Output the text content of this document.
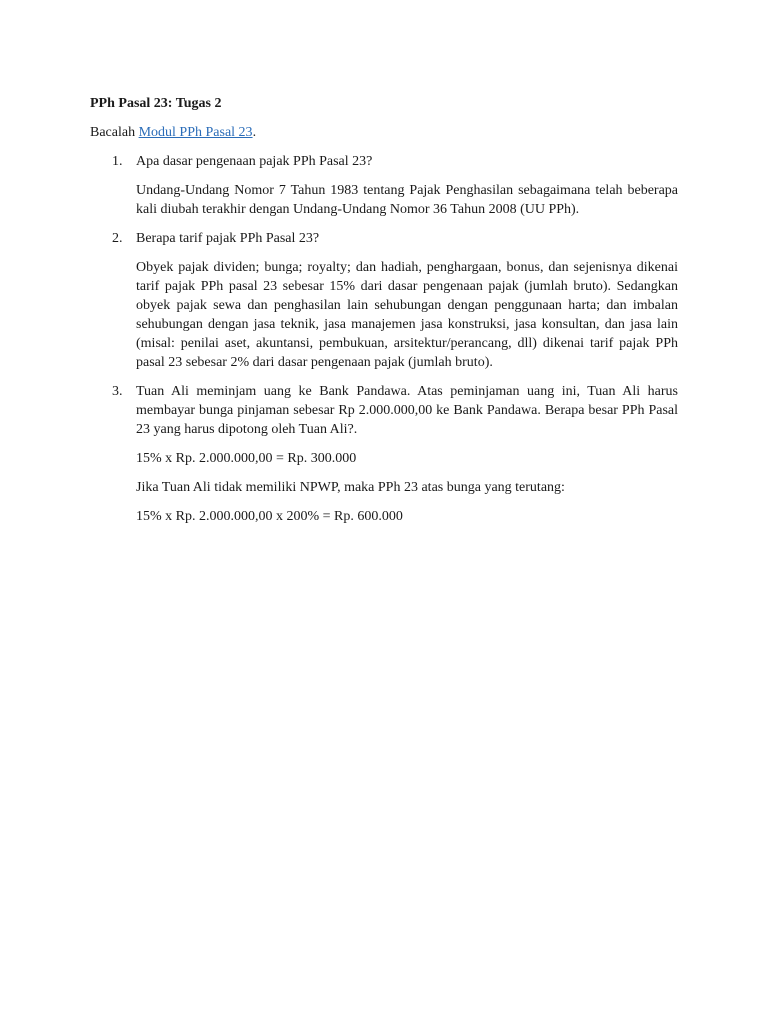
PPh Pasal 23: Tugas 2

Bacalah Modul PPh Pasal 23.

1. Apa dasar pengenaan pajak PPh Pasal 23?

Undang-Undang Nomor 7 Tahun 1983 tentang Pajak Penghasilan sebagaimana telah beberapa kali diubah terakhir dengan Undang-Undang Nomor 36 Tahun 2008 (UU PPh).

2. Berapa tarif pajak PPh Pasal 23?

Obyek pajak dividen; bunga; royalty; dan hadiah, penghargaan, bonus, dan sejenisnya dikenai tarif pajak PPh pasal 23 sebesar 15% dari dasar pengenaan pajak (jumlah bruto). Sedangkan obyek pajak sewa dan penghasilan lain sehubungan dengan penggunaan harta; dan imbalan sehubungan dengan jasa teknik, jasa manajemen jasa konstruksi, jasa konsultan, dan jasa lain (misal: penilai aset, akuntansi, pembukuan, arsitektur/perancang, dll) dikenai tarif pajak PPh pasal 23 sebesar 2% dari dasar pengenaan pajak (jumlah bruto).

3. Tuan Ali meminjam uang ke Bank Pandawa. Atas peminjaman uang ini, Tuan Ali harus membayar bunga pinjaman sebesar Rp 2.000.000,00 ke Bank Pandawa. Berapa besar PPh Pasal 23 yang harus dipotong oleh Tuan Ali?.

15% x Rp. 2.000.000,00 = Rp. 300.000

Jika Tuan Ali tidak memiliki NPWP, maka PPh 23 atas bunga yang terutang:

15% x Rp. 2.000.000,00 x 200% = Rp. 600.000
